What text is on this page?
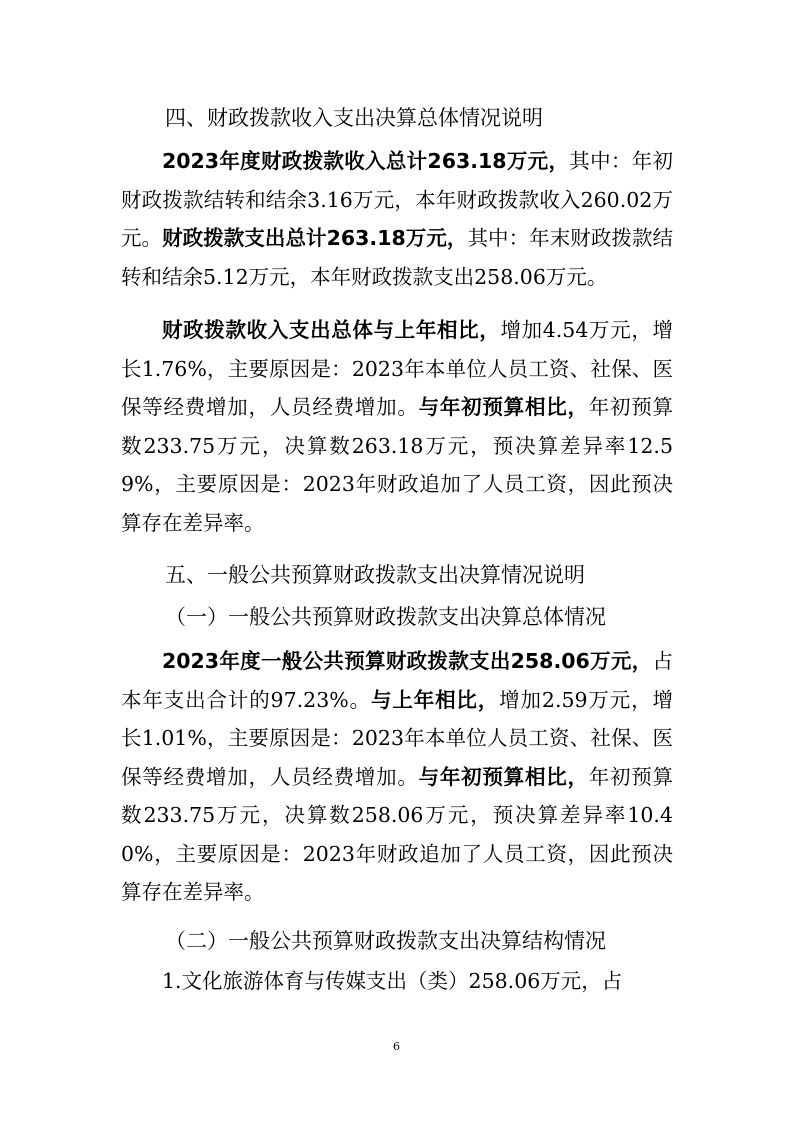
四、财政拨款收入支出决算总体情况说明
2023年度财政拨款收入总计263.18万元，其中：年初财政拨款结转和结余3.16万元，本年财政拨款收入260.02万元。财政拨款支出总计263.18万元，其中：年末财政拨款结转和结余5.12万元，本年财政拨款支出258.06万元。
财政拨款收入支出总体与上年相比，增加4.54万元，增长1.76%，主要原因是：2023年本单位人员工资、社保、医保等经费增加，人员经费增加。与年初预算相比，年初预算数233.75万元，决算数263.18万元，预决算差异率12.59%，主要原因是：2023年财政追加了人员工资，因此预决算存在差异率。
五、一般公共预算财政拨款支出决算情况说明
（一）一般公共预算财政拨款支出决算总体情况
2023年度一般公共预算财政拨款支出258.06万元，占本年支出合计的97.23%。与上年相比，增加2.59万元，增长1.01%，主要原因是：2023年本单位人员工资、社保、医保等经费增加，人员经费增加。与年初预算相比，年初预算数233.75万元，决算数258.06万元，预决算差异率10.40%，主要原因是：2023年财政追加了人员工资，因此预决算存在差异率。
（二）一般公共预算财政拨款支出决算结构情况
1.文化旅游体育与传媒支出（类）258.06万元，占
6
